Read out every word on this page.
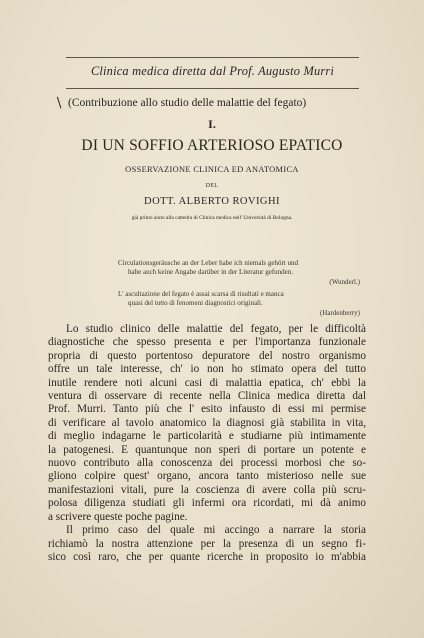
Clinica medica diretta dal Prof. Augusto Murri
/ (Contribuzione allo studio delle malattie del fegato)
I.
DI UN SOFFIO ARTERIOSO EPATICO
OSSERVAZIONE CLINICA ED ANATOMICA
DEL
DOTT. ALBERTO ROVIGHI
già primo aiuto alla cattedra di Clinica medica nell' Università di Bologna.
Circulationsgeräusche an der Leber habe ich niemals gehört und
habe auch keine Angabe darüber in der Literatur gefunden.
(Wunderl.)
L' ascultazione del fegato è assai scarsa di risultati e manca
quasi del tutto di fenomeni diagnostici originali.
(Hardenberry)

Lo studio clinico delle malattie del fegato, per le difficoltà
diagnostiche che spesso presenta e per l'importanza funzionale
propria di questo portentoso depuratore del nostro organismo
offre un tale interesse, ch' io non ho stimato opera del tutto
inutile rendere noti alcuni casi di malattia epatica, ch' ebbi la
ventura di osservare di recente nella Clinica medica diretta dal
Prof. Murri. Tanto più che l' esito infausto di essi mi permise
di verificare al tavolo anatomico la diagnosi già stabilita in vita,
di meglio indagarne le particolarità e studiarne più intimamente
la patogenesi. E quantunque non speri di portare un potente e
nuovo contributo alla conoscenza dei processi morbosi che so-
gliono colpire quest' organo, ancora tanto misterioso nelle sue
manifestazioni vitali, pure la coscienza di avere colla più scru-
polosa diligenza studiati gli infermi ora ricordati, mi dà animo
a scrivere queste poche pagine.

Il primo caso del quale mi accingo a narrare la storia
richiamò la nostra attenzione per la presenza di un segno fi-
sico così raro, che per quante ricerche in proposito io m'abbia
